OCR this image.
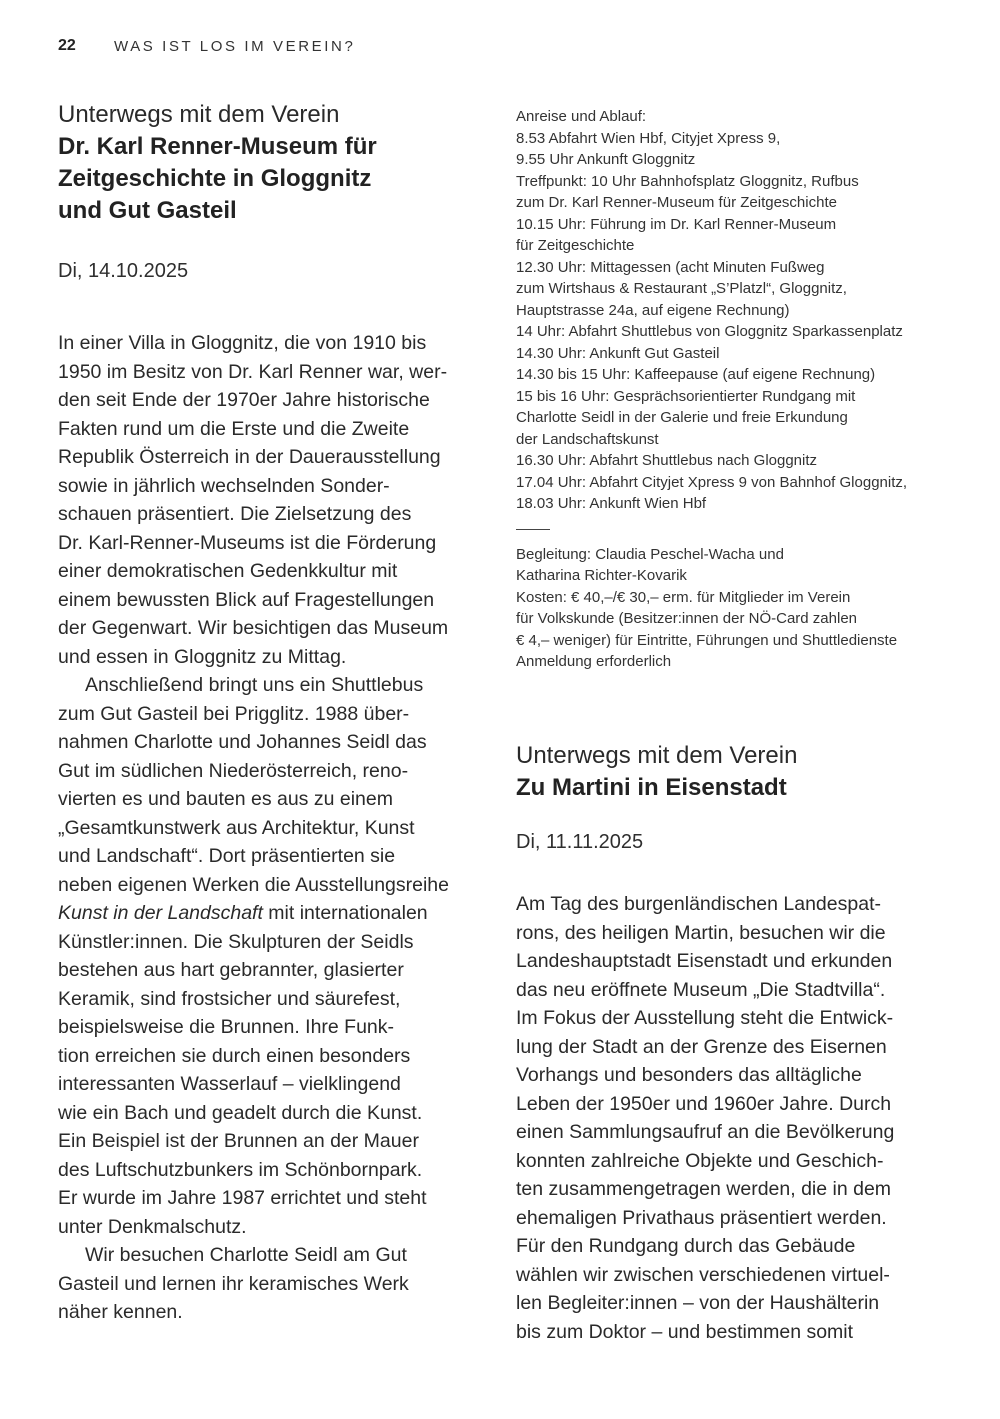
22	WAS IST LOS IM VEREIN?

Unterwegs mit dem Verein

Dr. Karl Renner-Museum für
Zeitgeschichte in Gloggnitz
und Gut Gasteil

Di, 14.10.2025

In einer Villa in Gloggnitz, die von 1910 bis
1950 im Besitz von Dr. Karl Renner war, wer-
den seit Ende der 1970er Jahre historische
Fakten rund um die Erste und die Zweite
Republik Österreich in der Dauerausstellung
sowie in jährlich wechselnden Sonder-
schauen präsentiert. Die Zielsetzung des
Dr. Karl-Renner-Museums ist die Förderung
einer demokratischen Gedenkkultur mit
einem bewussten Blick auf Fragestellungen
der Gegenwart. Wir besichtigen das Museum
und essen in Gloggnitz zu Mittag.
Anschließend bringt uns ein Shuttlebus
zum Gut Gasteil bei Prigglitz. 1988 über-
nahmen Charlotte und Johannes Seidl das
Gut im südlichen Niederösterreich, reno-
vierten es und bauten es aus zu einem
„Gesamtkunstwerk aus Architektur, Kunst
und Landschaft“. Dort präsentierten sie
neben eigenen Werken die Ausstellungsreihe
Kunst in der Landschaft mit internationalen
Künstler:innen. Die Skulpturen der Seidls
bestehen aus hart gebrannter, glasierter
Keramik, sind frostsicher und säurefest,
beispielsweise die Brunnen. Ihre Funk-
tion erreichen sie durch einen besonders
interessanten Wasserlauf – vielklingend
wie ein Bach und geadelt durch die Kunst.
Ein Beispiel ist der Brunnen an der Mauer
des Luftschutzbunkers im Schönbornpark.
Er wurde im Jahre 1987 errichtet und steht
unter Denkmalschutz.
Wir besuchen Charlotte Seidl am Gut
Gasteil und lernen ihr keramisches Werk
näher kennen.
Anreise und Ablauf:
8.53 Abfahrt Wien Hbf, Cityjet Xpress 9,
9.55 Uhr Ankunft Gloggnitz
Treffpunkt: 10 Uhr Bahnhofsplatz Gloggnitz, Rufbus
zum Dr. Karl Renner-Museum für Zeitgeschichte
10.15 Uhr: Führung im Dr. Karl Renner-Museum
für Zeitgeschichte
12.30 Uhr: Mittagessen (acht Minuten Fußweg
zum Wirtshaus & Restaurant „S’Platzl“, Gloggnitz,
Hauptstrasse 24a, auf eigene Rechnung)
14 Uhr: Abfahrt Shuttlebus von Gloggnitz Sparkassenplatz
14.30 Uhr: Ankunft Gut Gasteil
14.30 bis 15 Uhr: Kaffeepause (auf eigene Rechnung)
15 bis 16 Uhr: Gesprächsorientierter Rundgang mit
Charlotte Seidl in der Galerie und freie Erkundung
der Landschaftskunst
16.30 Uhr: Abfahrt Shuttlebus nach Gloggnitz
17.04 Uhr: Abfahrt Cityjet Xpress 9 von Bahnhof Gloggnitz,
18.03 Uhr: Ankunft Wien Hbf
Begleitung: Claudia Peschel-Wacha und
Katharina Richter-Kovarik
Kosten: € 40,–/€ 30,– erm. für Mitglieder im Verein
für Volkskunde (Besitzer:innen der NÖ-Card zahlen
€ 4,– weniger) für Eintritte, Führungen und Shuttledienste
Anmeldung erforderlich

Unterwegs mit dem Verein

Zu Martini in Eisenstadt

Di, 11.11.2025

Am Tag des burgenländischen Landespat-
rons, des heiligen Martin, besuchen wir die
Landeshauptstadt Eisenstadt und erkunden
das neu eröffnete Museum „Die Stadtvilla“.
Im Fokus der Ausstellung steht die Entwick-
lung der Stadt an der Grenze des Eisernen
Vorhangs und besonders das alltägliche
Leben der 1950er und 1960er Jahre. Durch
einen Sammlungsaufruf an die Bevölkerung
konnten zahlreiche Objekte und Geschich-
ten zusammengetragen werden, die in dem
ehemaligen Privathaus präsentiert werden.
Für den Rundgang durch das Gebäude
wählen wir zwischen verschiedenen virtuel-
len Begleiter:innen – von der Haushälterin
bis zum Doktor – und bestimmen somit
